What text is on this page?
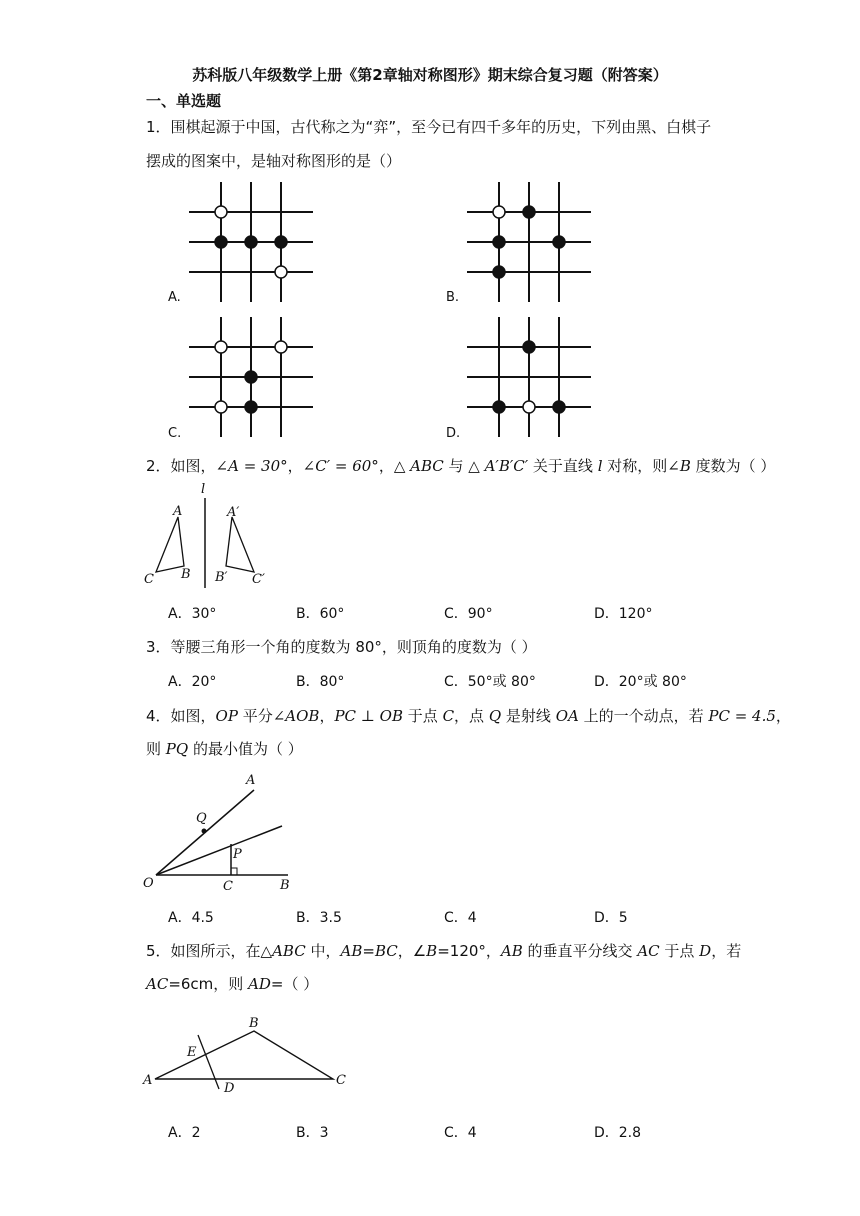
苏科版八年级数学上册《第2章轴对称图形》期末综合复习题（附答案）
一、单选题
1．围棋起源于中国，古代称之为“弈”，至今已有四千多年的历史，下列由黑、白棋子
摆成的图案中，是轴对称图形的是（）
A.	B.
C.	D.
2．如图，∠A = 30°，∠C′ = 60°，△ ABC 与 △ A′B′C′ 关于直线 l 对称，则∠B 度数为（ ）
l
A
C B
A′
B′ C′
A．30°	B．60°	C．90°	D．120°
3．等腰三角形一个角的度数为 80°，则顶角的度数为（ ）
A．20°	B．80°	C．50°或 80°	D．20°或 80°
4．如图，OP 平分∠AOB，PC ⊥ OB 于点 C，点 Q 是射线 OA 上的一个动点，若 PC = 4.5，
则 PQ 的最小值为（ ）
A
Q
P
O	C	B
A．4.5	B．3.5	C．4	D．5
5．如图所示，在△ABC 中，AB=BC，∠B=120°，AB 的垂直平分线交 AC 于点 D，若
AC=6cm，则 AD=（ ）
B
E
A
D
C
A．2	B．3	C．4	D．2.8
